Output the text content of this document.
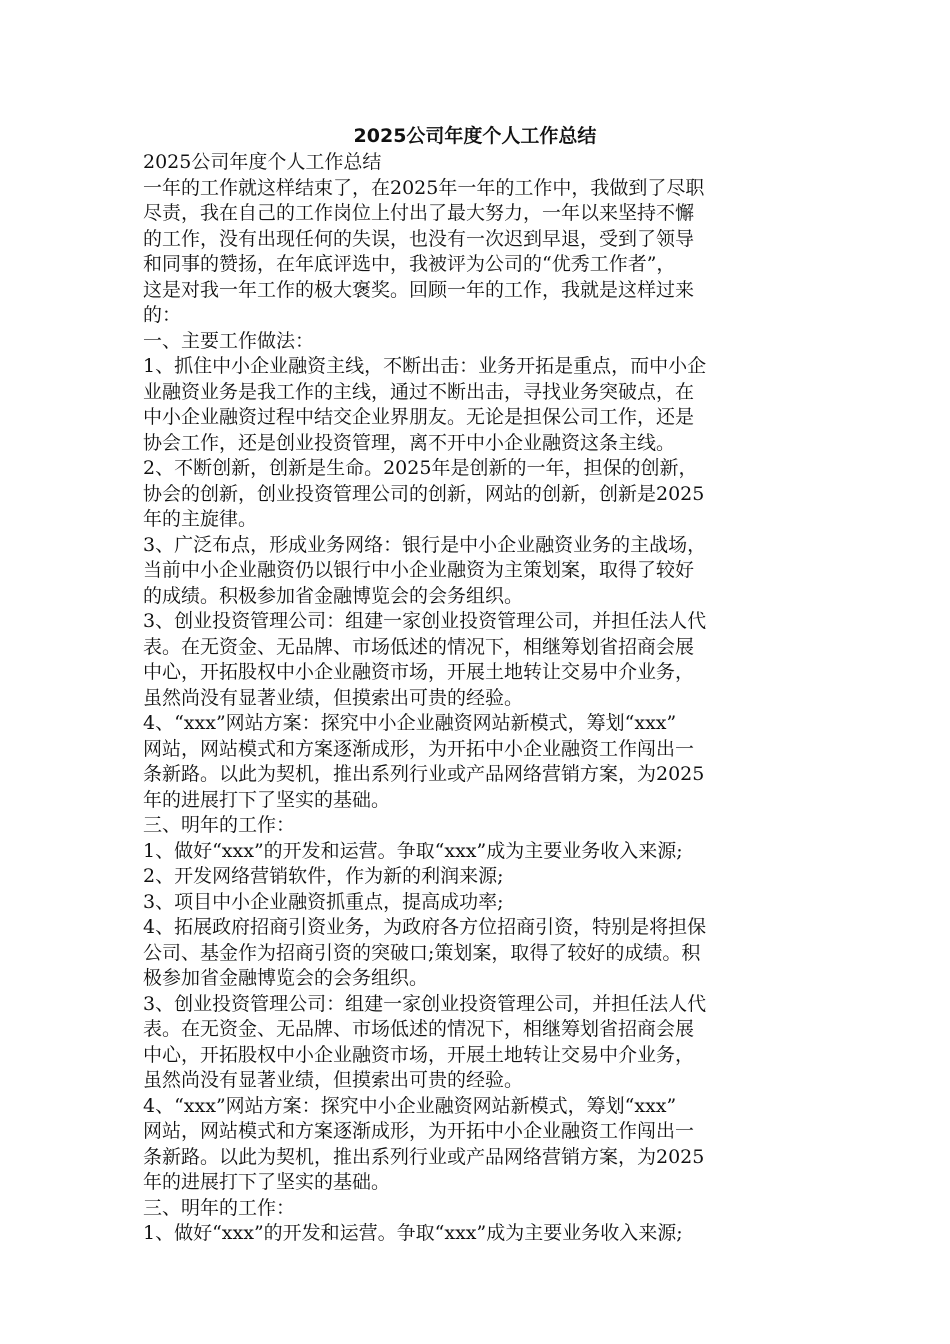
2025公司年度个人工作总结
2025公司年度个人工作总结
一年的工作就这样结束了，在2025年一年的工作中，我做到了尽职
尽责，我在自己的工作岗位上付出了最大努力，一年以来坚持不懈
的工作，没有出现任何的失误，也没有一次迟到早退，受到了领导
和同事的赞扬，在年底评选中，我被评为公司的“优秀工作者”，
这是对我一年工作的极大褒奖。回顾一年的工作，我就是这样过来
的：
一、主要工作做法：
1、抓住中小企业融资主线，不断出击：业务开拓是重点，而中小企
业融资业务是我工作的主线，通过不断出击，寻找业务突破点，在
中小企业融资过程中结交企业界朋友。无论是担保公司工作，还是
协会工作，还是创业投资管理，离不开中小企业融资这条主线。
2、不断创新，创新是生命。2025年是创新的一年，担保的创新，
协会的创新，创业投资管理公司的创新，网站的创新，创新是2025
年的主旋律。
3、广泛布点，形成业务网络：银行是中小企业融资业务的主战场，
当前中小企业融资仍以银行中小企业融资为主策划案，取得了较好
的成绩。积极参加省金融博览会的会务组织。
3、创业投资管理公司：组建一家创业投资管理公司，并担任法人代
表。在无资金、无品牌、市场低述的情况下，相继筹划省招商会展
中心，开拓股权中小企业融资市场，开展土地转让交易中介业务，
虽然尚没有显著业绩，但摸索出可贵的经验。
4、“xxx”网站方案：探究中小企业融资网站新模式，筹划“xxx”
网站，网站模式和方案逐渐成形，为开拓中小企业融资工作闯出一
条新路。以此为契机，推出系列行业或产品网络营销方案，为2025
年的进展打下了坚实的基础。
三、明年的工作：
1、做好“xxx”的开发和运营。争取“xxx”成为主要业务收入来源;
2、开发网络营销软件，作为新的利润来源;
3、项目中小企业融资抓重点，提高成功率;
4、拓展政府招商引资业务，为政府各方位招商引资，特别是将担保
公司、基金作为招商引资的突破口;策划案，取得了较好的成绩。积
极参加省金融博览会的会务组织。
3、创业投资管理公司：组建一家创业投资管理公司，并担任法人代
表。在无资金、无品牌、市场低述的情况下，相继筹划省招商会展
中心，开拓股权中小企业融资市场，开展土地转让交易中介业务，
虽然尚没有显著业绩，但摸索出可贵的经验。
4、“xxx”网站方案：探究中小企业融资网站新模式，筹划“xxx”
网站，网站模式和方案逐渐成形，为开拓中小企业融资工作闯出一
条新路。以此为契机，推出系列行业或产品网络营销方案，为2025
年的进展打下了坚实的基础。
三、明年的工作：
1、做好“xxx”的开发和运营。争取“xxx”成为主要业务收入来源;
